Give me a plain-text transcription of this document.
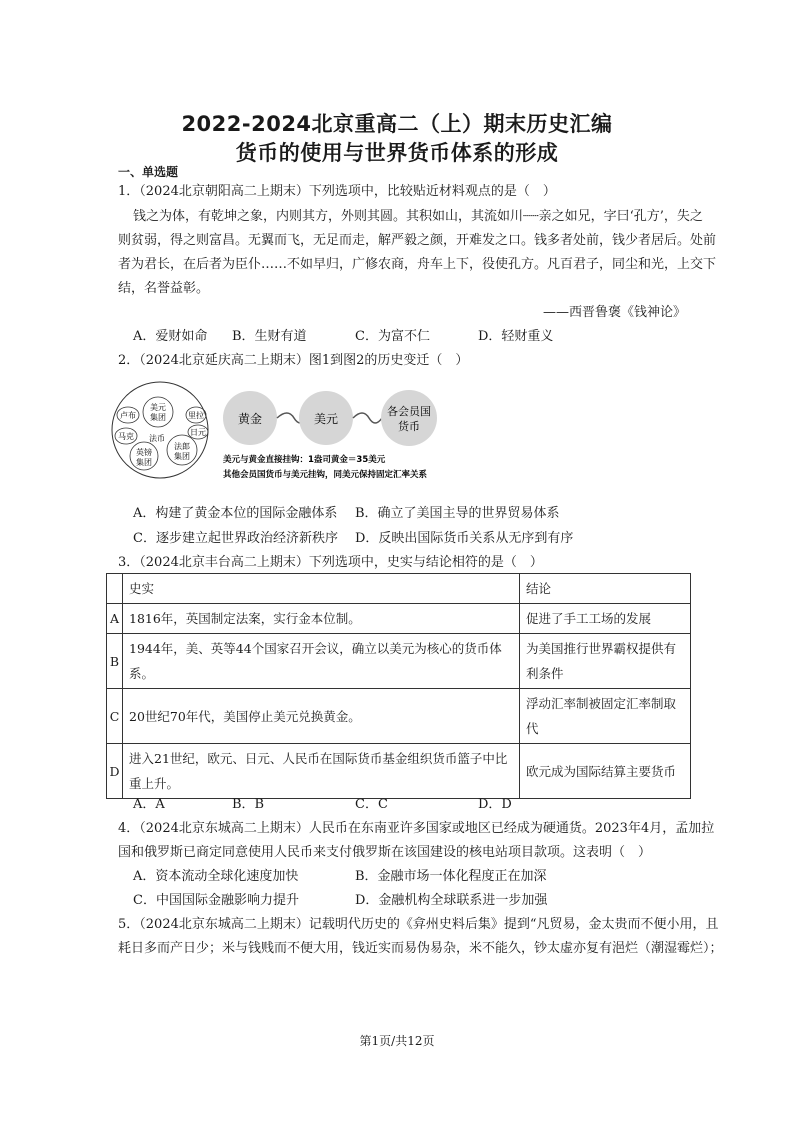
2022-2024北京重高二（上）期末历史汇编
货币的使用与世界货币体系的形成
一、单选题
1．（2024北京朝阳高二上期末）下列选项中，比较贴近材料观点的是（　）
钱之为体，有乾坤之象，内则其方，外则其圆。其积如山，其流如川┈┈亲之如兄，字曰‘孔方’，失之
则贫弱，得之则富昌。无翼而飞，无足而走，解严毅之颜，开难发之口。钱多者处前，钱少者居后。处前
者为君长，在后者为臣仆……不如早归，广修农商，舟车上下，役使孔方。凡百君子，同尘和光，上交下
结，名誉益彰。
——西晋鲁褒《钱神论》
A．爱财如命 B．生财有道	C．为富不仁	D．轻财重义
2．（2024北京延庆高二上期末）图1到图2的历史变迁（　）
美元
集团
法郎
集团
英镑
集团
卢布
马克
里拉
日元
法币
黄金	美元
各会员国
货币
美元与黄金直接挂钩：1盎司黄金＝35美元
其他会员国货币与美元挂钩，同美元保持固定汇率关系
A．构建了黄金本位的国际金融体系 B．确立了美国主导的世界贸易体系
C．逐步建立起世界政治经济新秩序 D．反映出国际货币关系从无序到有序
3．（2024北京丰台高二上期末）下列选项中，史实与结论相符的是（　）
	史实	结论
A	1816年，英国制定法案，实行金本位制。	促进了手工工场的发展
B	1944年，美、英等44个国家召开会议，确立以美元为核心的货币体系。	为美国推行世界霸权提供有利条件
C	20世纪70年代，美国停止美元兑换黄金。	浮动汇率制被固定汇率制取代
D	进入21世纪，欧元、日元、人民币在国际货币基金组织货币篮子中比重上升。	欧元成为国际结算主要货币
A．A	B．B	C．C	D．D
4．（2024北京东城高二上期末）人民币在东南亚许多国家或地区已经成为硬通货。2023年4月，孟加拉
国和俄罗斯已商定同意使用人民币来支付俄罗斯在该国建设的核电站项目款项。这表明（　）
A．资本流动全球化速度加快	B．金融市场一体化程度正在加深
C．中国国际金融影响力提升	D．金融机构全球联系进一步加强
5．（2024北京东城高二上期末）记载明代历史的《弇州史料后集》提到“凡贸易，金太贵而不便小用，且
耗日多而产日少；米与钱贱而不便大用，钱近实而易伪易杂，米不能久，钞太虚亦复有浥烂（潮湿霉烂）；
第1页/共12页
